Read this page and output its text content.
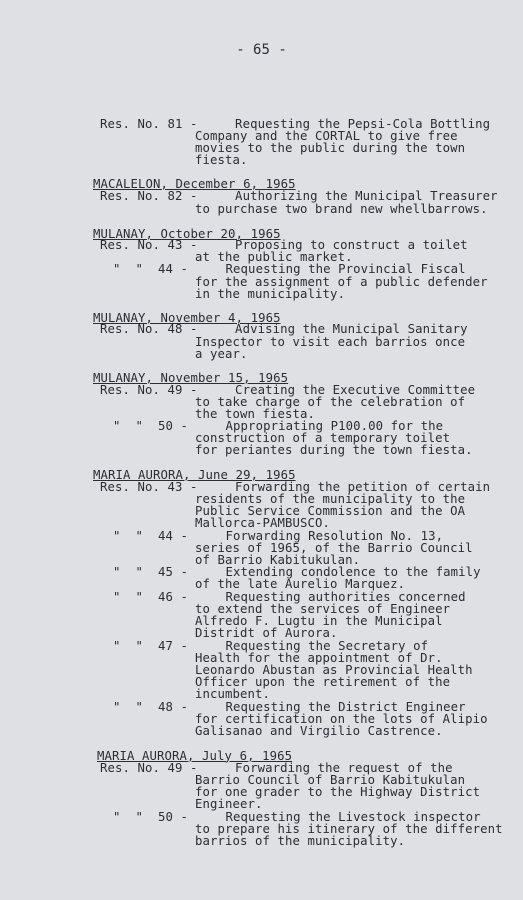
- 65 -
Res. No. 81 -     Requesting the Pepsi-Cola Bottling
Company and the CORTAL to give free
movies to the public during the town
fiesta.
MACALELON, December 6, 1965
Res. No. 82 -     Authorizing the Municipal Treasurer
to purchase two brand new whellbarrows.
MULANAY, October 20, 1965
Res. No. 43 -     Proposing to construct a toilet
at the public market.
"  "  44 -     Requesting the Provincial Fiscal
for the assignment of a public defender
in the municipality.
MULANAY, November 4, 1965
Res. No. 48 -     Advising the Municipal Sanitary
Inspector to visit each barrios once
a year.
MULANAY, November 15, 1965
Res. No. 49 -     Creating the Executive Committee
to take charge of the celebration of
the town fiesta.
"  "  50 -     Appropriating P100.00 for the
construction of a temporary toilet
for periantes during the town fiesta.
MARIA AURORA, June 29, 1965
Res. No. 43 -     Forwarding the petition of certain
residents of the municipality to the
Public Service Commission and the OA
Mallorca-PAMBUSCO.
"  "  44 -     Forwarding Resolution No. 13,
series of 1965, of the Barrio Council
of Barrio Kabitukulan.
"  "  45 -     Extending condolence to the family
of the late Aurelio Marquez.
"  "  46 -     Requesting authorities concerned
to extend the services of Engineer
Alfredo F. Lugtu in the Municipal
Distridt of Aurora.
"  "  47 -     Requesting the Secretary of
Health for the appointment of Dr.
Leonardo Abustan as Provincial Health
Officer upon the retirement of the
incumbent.
"  "  48 -     Requesting the District Engineer
for certification on the lots of Alipio
Galisanao and Virgilio Castrence.
MARIA AURORA, July 6, 1965
Res. No. 49 -     Forwarding the request of the
Barrio Council of Barrio Kabitukulan
for one grader to the Highway District
Engineer.
"  "  50 -     Requesting the Livestock inspector
to prepare his itinerary of the different
barrios of the municipality.
